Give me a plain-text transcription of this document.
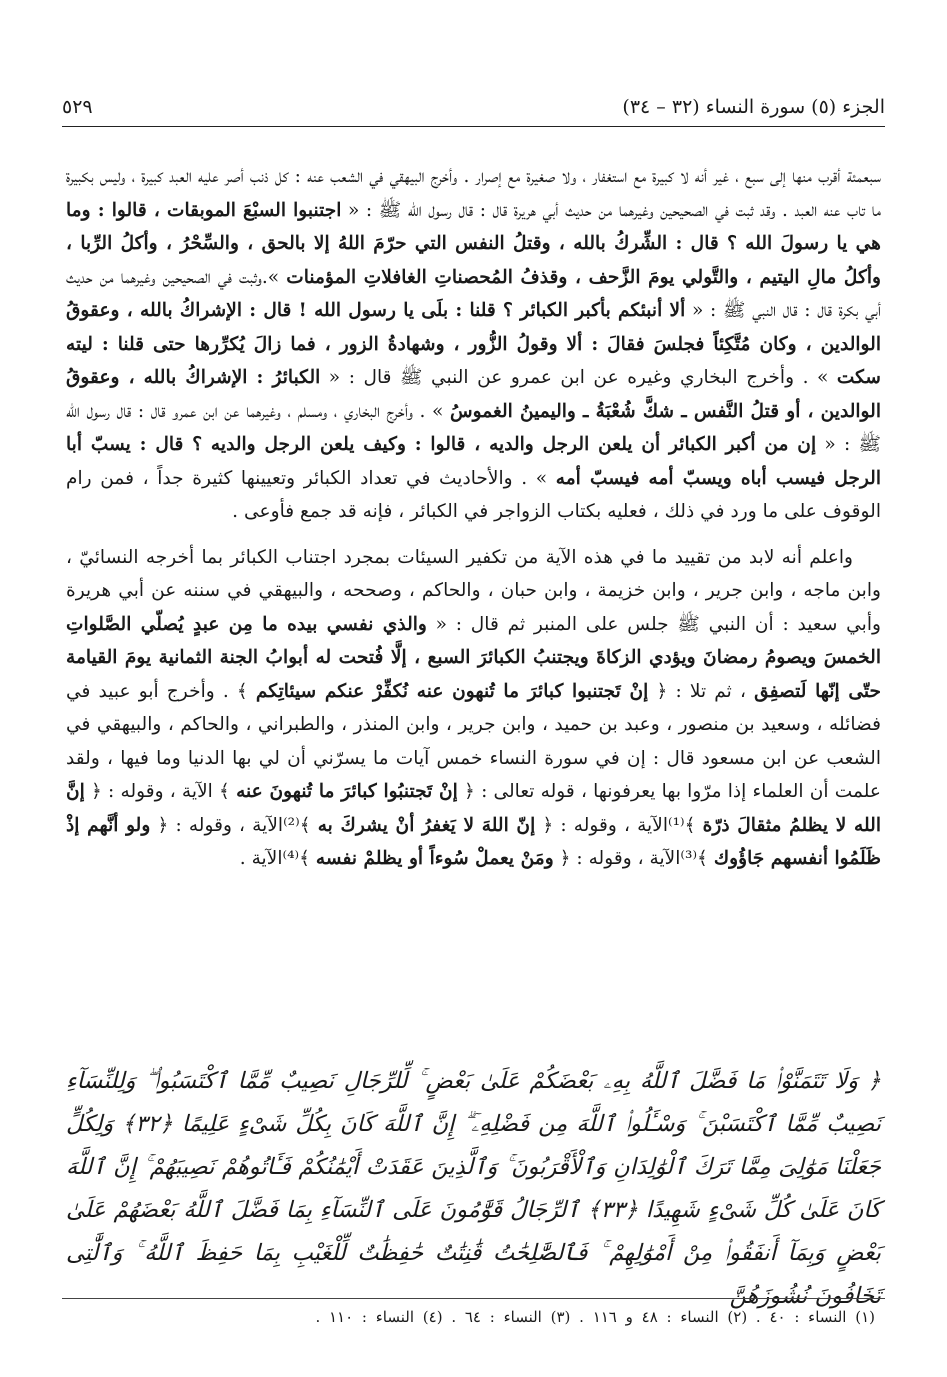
الجزء (٥) سورة النساء (٣٢ – ٣٤)
٥٢٩

سبعمئة أقرب منها إلى سبع ، غير أنه لا كبيرة مع استغفار ، ولا صغيرة مع إصرار . وأخرج البيهقي في الشعب عنه : كل ذنب أصر عليه العبد كبيرة ، وليس بكبيرة ما تاب عنه العبد . وقد ثبت في الصحيحين وغيرهما من حديث أبي هريرة قال : قال رسول الله ﷺ : « اجتنبوا السبْعَ الموبقات ، قالوا : وما هي يا رسولَ الله ؟ قال : الشِّركُ بالله ، وقتلُ النفس التي حرّمَ اللهُ إلا بالحق ، والسِّحْرُ ، وأكلُ الرِّبا ، وأكلُ مالِ اليتيم ، والتَّولي يومَ الزَّحف ، وقذفُ المُحصناتِ الغافلاتِ المؤمنات ».وثبت في الصحيحين وغيرهما من حديث أبي بكرة قال : قال النبي ﷺ : « ألا أنبئكم بأكبر الكبائر ؟ قلنا : بلَى يا رسول الله ! قال : الإشراكُ بالله ، وعقوقُ الوالدين ، وكان مُتَّكِئاً فجلسَ فقالَ : ألا وقولُ الزُّور ، وشهادةُ الزور ، فما زالَ يُكرِّرها حتى قلنا : ليته سكت » . وأخرج البخاري وغيره عن ابن عمرو عن النبي ﷺ قال : « الكبائرُ : الإشراكُ بالله ، وعقوقُ الوالدين ، أو قتلُ النَّفس ـ شكَّ شُعْبَةُ ـ واليمينُ الغموسُ » . وأخرج البخاري ، ومسلم ، وغيرهما عن ابن عمرو قال : قال رسول الله ﷺ : « إن من أكبر الكبائر أن يلعن الرجل والديه ، قالوا : وكيف يلعن الرجل والديه ؟ قال : يسبّ أبا الرجل فيسب أباه ويسبّ أمه فيسبّ أمه » . والأحاديث في تعداد الكبائر وتعيينها كثيرة جداً ، فمن رام الوقوف على ما ورد في ذلك ، فعليه بكتاب الزواجر في الكبائر ، فإنه قد جمع فأوعى .

واعلم أنه لابد من تقييد ما في هذه الآية من تكفير السيئات بمجرد اجتناب الكبائر بما أخرجه النسائيّ ، وابن ماجه ، وابن جرير ، وابن خزيمة ، وابن حبان ، والحاكم ، وصححه ، والبيهقي في سننه عن أبي هريرة وأبي سعيد : أن النبي ﷺ جلس على المنبر ثم قال : « والذي نفسي بيده ما مِن عبدٍ يُصلّي الصَّلواتِ الخمسَ ويصومُ رمضانَ ويؤدي الزكاةَ ويجتنبُ الكبائرَ السبع ، إلَّا فُتحت له أبوابُ الجنة الثمانية يومَ القيامة حتّى إنّها لَتصفِق ، ثم تلا : ﴿ إنْ تَجتنبوا كبائرَ ما تُنهون عنه نُكفِّرْ عنكم سيئاتِكم ﴾ . وأخرج أبو عبيد في فضائله ، وسعيد بن منصور ، وعبد بن حميد ، وابن جرير ، وابن المنذر ، والطبراني ، والحاكم ، والبيهقي في الشعب عن ابن مسعود قال : إن في سورة النساء خمس آيات ما يسرّني أن لي بها الدنيا وما فيها ، ولقد علمت أن العلماء إذا مرّوا بها يعرفونها ، قوله تعالى : ﴿ إنْ تَجتنبُوا كبائرَ ما تُنهونَ عنه ﴾ الآية ، وقوله : ﴿ إنَّ الله لا يظلمُ مثقالَ ذرّة ﴾⁽¹⁾الآية ، وقوله : ﴿ إنّ اللهَ لا يَغفرُ أنْ يشركَ به ﴾⁽²⁾الآية ، وقوله : ﴿ ولو أنَّهم إذْ ظَلَمُوا أنفسهم جَاؤُوك ﴾⁽³⁾الآية ، وقوله : ﴿ ومَنْ يعملْ سُوءاً أو يظلمْ نفسه ﴾⁽⁴⁾الآية .

﴿ وَلَا تَتَمَنَّوْا۟ مَا فَضَّلَ ٱللَّهُ بِهِۦ بَعْضَكُمْ عَلَىٰ بَعْضٍ ۚ لِّلرِّجَالِ نَصِيبٌ مِّمَّا ٱكْتَسَبُوا۟ ۖ وَلِلنِّسَآءِ نَصِيبٌ مِّمَّا ٱكْتَسَبْنَ ۚ وَسْـَٔلُوا۟ ٱللَّهَ مِن فَضْلِهِۦٓ ۗ إِنَّ ٱللَّهَ كَانَ بِكُلِّ شَىْءٍ عَلِيمًا ﴿٣٢﴾ وَلِكُلٍّ جَعَلْنَا مَوَٰلِىَ مِمَّا تَرَكَ ٱلْوَٰلِدَانِ وَٱلْأَقْرَبُونَ ۚ وَٱلَّذِينَ عَقَدَتْ أَيْمَٰنُكُمْ فَـَٔاتُوهُمْ نَصِيبَهُمْ ۚ إِنَّ ٱللَّهَ كَانَ عَلَىٰ كُلِّ شَىْءٍ شَهِيدًا ﴿٣٣﴾ ٱلرِّجَالُ قَوَّٰمُونَ عَلَى ٱلنِّسَآءِ بِمَا فَضَّلَ ٱللَّهُ بَعْضَهُمْ عَلَىٰ بَعْضٍ وَبِمَآ أَنفَقُوا۟ مِنْ أَمْوَٰلِهِمْ ۚ فَٱلصَّٰلِحَٰتُ قَٰنِتَٰتٌ حَٰفِظَٰتٌ لِّلْغَيْبِ بِمَا حَفِظَ ٱللَّهُ ۚ وَٱلَّٰتِى تَخَافُونَ نُشُوزَهُنَّ
(١) النساء : ٤٠ . (٢) النساء : ٤٨ و ١١٦ . (٣) النساء : ٦٤ . (٤) النساء : ١١٠ .
